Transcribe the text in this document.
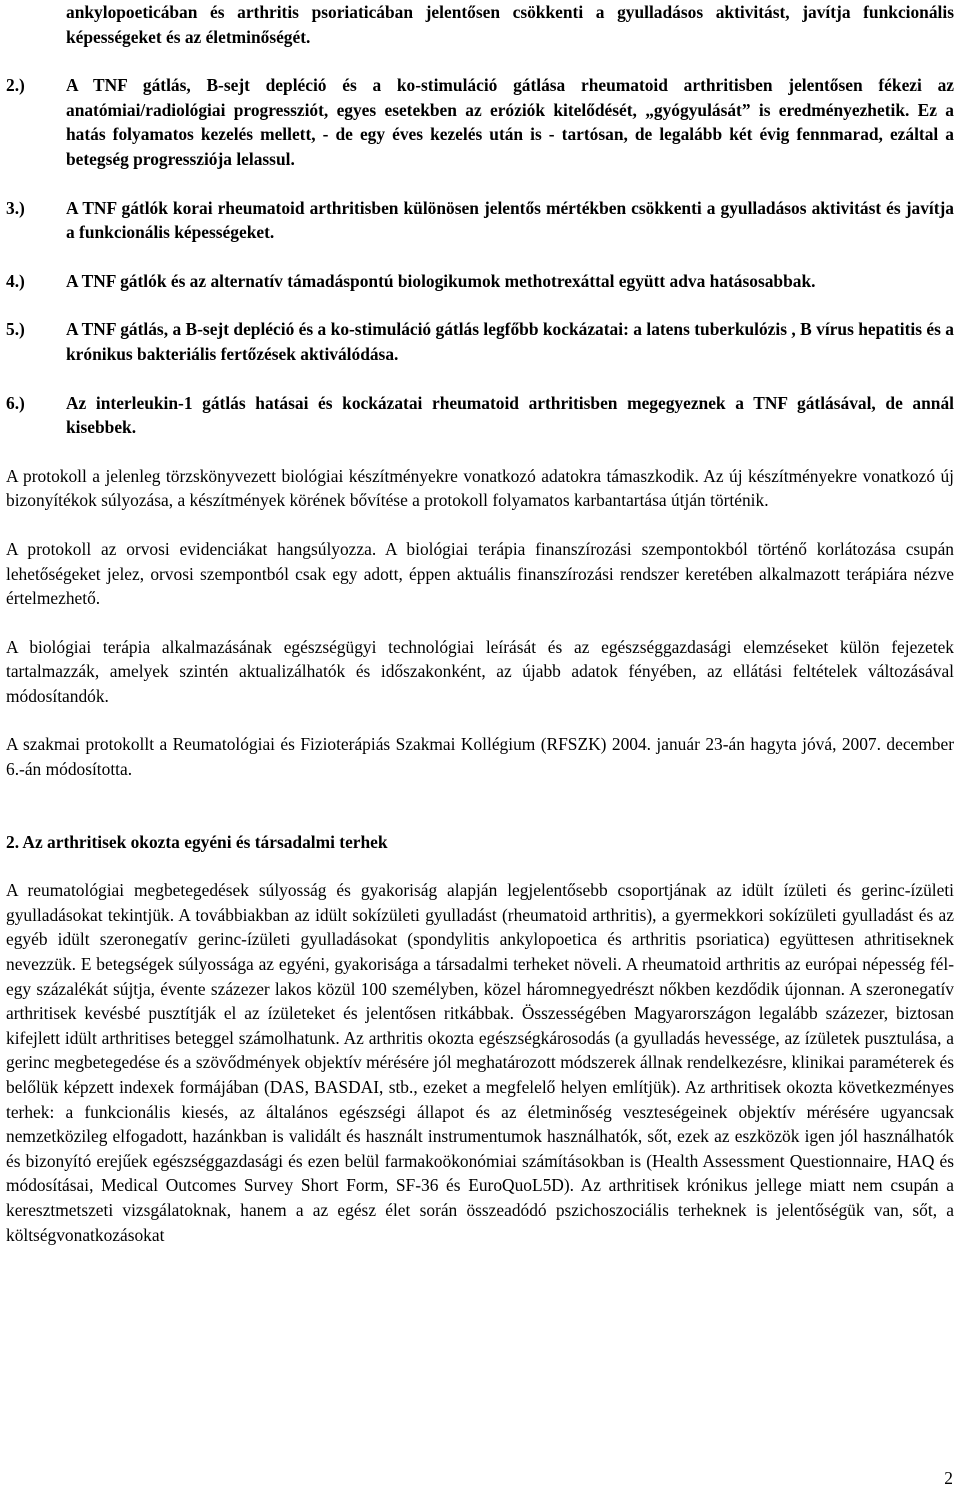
ankylopoeticában és arthritis psoriaticában jelentősen csökkenti a gyulladásos aktivitást, javítja funkcionális képességeket és az életminőségét.

2.)	A TNF gátlás, B-sejt depléció és a ko-stimuláció gátlása rheumatoid arthritisben jelentősen fékezi az anatómiai/radiológiai progressziót, egyes esetekben az eróziók kitelődését, „gyógyulását” is eredményezhetik. Ez a hatás folyamatos kezelés mellett, - de egy éves kezelés után is - tartósan, de legalább két évig fennmarad, ezáltal a betegség progressziója lelassul.
3.)	A TNF gátlók korai rheumatoid arthritisben különösen jelentős mértékben csökkenti a gyulladásos aktivitást és javítja a funkcionális képességeket.
4.)	A TNF gátlók és az alternatív támadáspontú biologikumok methotrexáttal együtt adva hatásosabbak.
5.)	A TNF gátlás, a B-sejt depléció és a ko-stimuláció gátlás legfőbb kockázatai: a latens tuberkulózis , B vírus hepatitis és a krónikus bakteriális fertőzések aktiválódása.
6.)	Az interleukin-1 gátlás hatásai és kockázatai rheumatoid arthritisben megegyeznek a TNF gátlásával, de annál kisebbek.

A protokoll a jelenleg törzskönyvezett biológiai készítményekre vonatkozó adatokra támaszkodik. Az új készítményekre vonatkozó új bizonyítékok súlyozása, a készítmények körének bővítése a protokoll folyamatos karbantartása útján történik.

A protokoll az orvosi evidenciákat hangsúlyozza. A biológiai terápia finanszírozási szempontokból történő korlátozása csupán lehetőségeket jelez, orvosi szempontból csak egy adott, éppen aktuális finanszírozási rendszer keretében alkalmazott terápiára nézve értelmezhető.

A biológiai terápia alkalmazásának egészségügyi technológiai leírását és az egészséggazdasági elemzéseket külön fejezetek tartalmazzák, amelyek szintén aktualizálhatók és időszakonként, az újabb adatok fényében, az ellátási feltételek változásával módosítandók.

A szakmai protokollt a Reumatológiai és Fizioterápiás Szakmai Kollégium (RFSZK) 2004. január 23-án hagyta jóvá, 2007. december 6.-án módosította.

2. Az arthritisek okozta egyéni és társadalmi terhek

A reumatológiai megbetegedések súlyosság és gyakoriság alapján legjelentősebb csoportjának az idült ízületi és gerinc-ízületi gyulladásokat tekintjük. A továbbiakban az idült sokízületi gyulladást (rheumatoid arthritis), a gyermekkori sokízületi gyulladást és az egyéb idült szeronegatív gerinc-ízületi gyulladásokat (spondylitis ankylopoetica és arthritis psoriatica) együttesen athritiseknek nevezzük. E betegségek súlyossága az egyéni, gyakorisága a társadalmi terheket növeli. A rheumatoid arthritis az európai népesség fél-egy százalékát sújtja, évente százezer lakos közül 100 személyben, közel háromnegyedrészt nőkben kezdődik újonnan. A szeronegatív arthritisek kevésbé pusztítják el az ízületeket és jelentősen ritkábbak. Összességében Magyarországon legalább százezer, biztosan kifejlett idült arthritises beteggel számolhatunk. Az arthritis okozta egészségkárosodás (a gyulladás hevessége, az ízületek pusztulása, a gerinc megbetegedése és a szövődmények objektív mérésére jól meghatározott módszerek állnak rendelkezésre, klinikai paraméterek és belőlük képzett indexek formájában (DAS, BASDAI, stb., ezeket a megfelelő helyen említjük). Az arthritisek okozta következményes terhek: a funkcionális kiesés, az általános egészségi állapot és az életminőség veszteségeinek objektív mérésére ugyancsak nemzetközileg elfogadott, hazánkban is validált és használt instrumentumok használhatók, sőt, ezek az eszközök igen jól használhatók és bizonyító erejűek egészséggazdasági és ezen belül farmakoökonómiai számításokban is (Health Assessment Questionnaire, HAQ és módosításai, Medical Outcomes Survey Short Form, SF-36 és EuroQuoL5D). Az arthritisek krónikus jellege miatt nem csupán a keresztmetszeti vizsgálatoknak, hanem a az egész élet során összeadódó pszichoszociális terheknek is jelentőségük van, sőt, a költségvonatkozásokat

2
